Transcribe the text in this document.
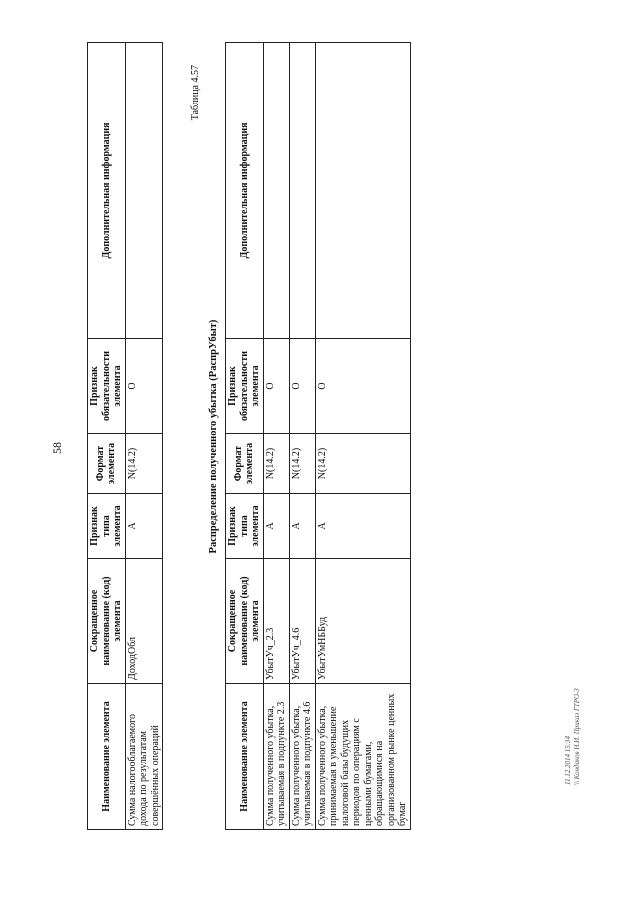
58
Наименование элемента	Сокращенное наименование (код) элемента	Признак типа элемента	Формат элемента	Признак обязательности элемента	Дополнительная информация
Сумма налогооблагаемого дохода по результатам совершённых операций	ДоходОбл	А	N(14.2)	О	
Таблица 4.57
Распределение полученного убытка (РаспрУбыт)
Наименование элемента	Сокращенное наименование (код) элемента	Признак типа элемента	Формат элемента	Признак обязательности элемента	Дополнительная информация
Сумма полученного убытка, учитываемая в подпункте 2.3	УбытУч_2.3	А	N(14.2)	О	
Сумма полученного убытка, учитываемая в подпункте 4.6	УбытУч_4.6	А	N(14.2)	О	
Сумма полученного убытка, принимаемая в уменьшение налоговой базы будущих периодов по операциям с ценными бумагами, обращающимися на организованном рынке ценных бумаг	УбытУмНББуд	А	N(14.2)	О	
11.12.2014 15:34 \\ Кондаков Н.И. Приказ ГТРО-3
